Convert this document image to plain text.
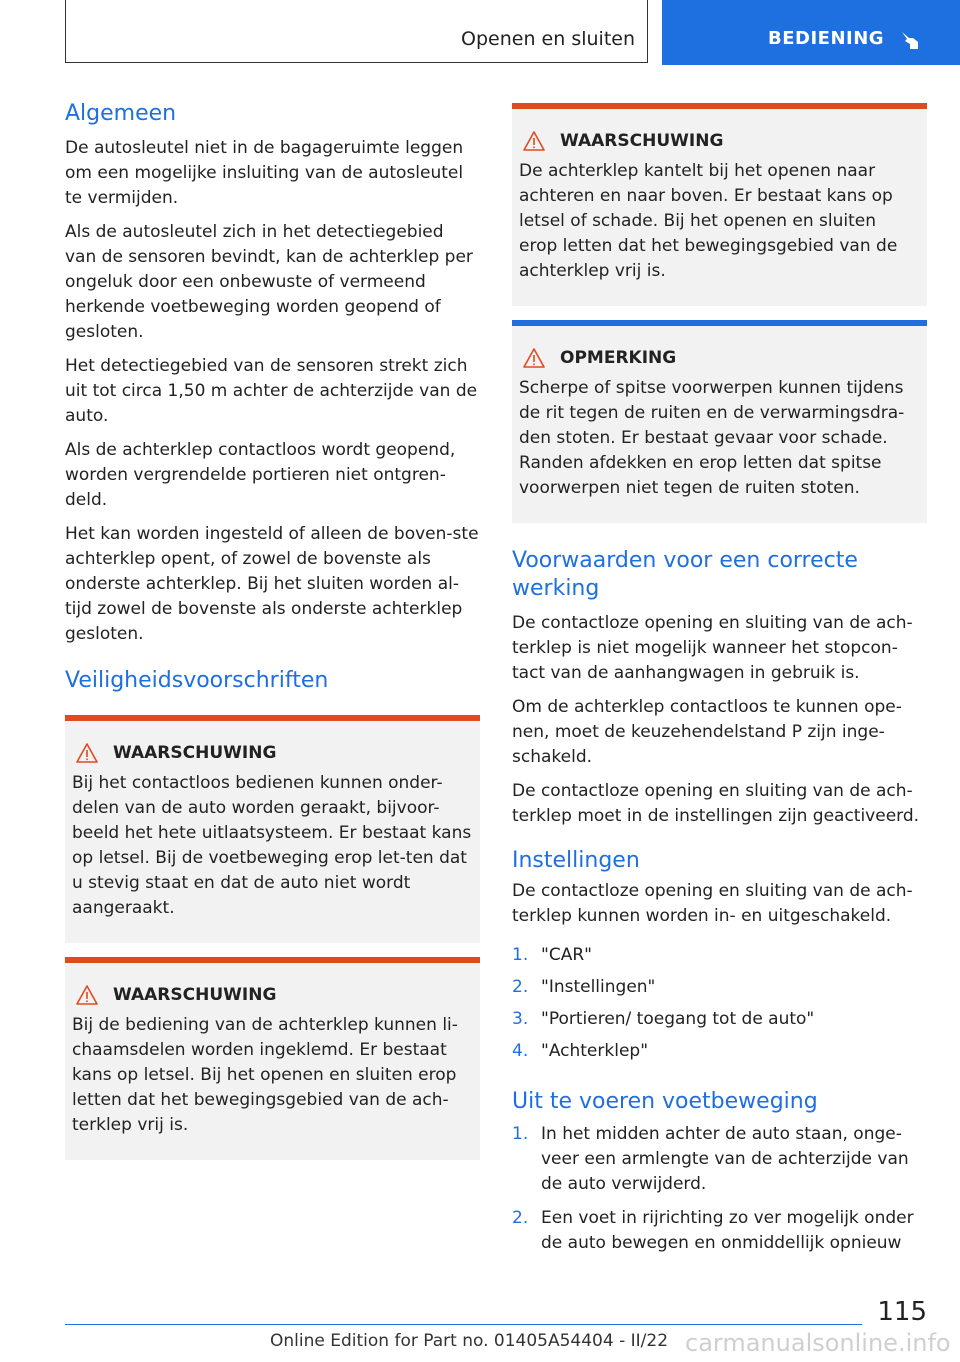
Openen en sluiten	BEDIENING
Algemeen

De autosleutel niet in de bagageruimte leggen om een mogelijke insluiting van de autosleutel te vermijden.

Als de autosleutel zich in het detectiegebied van de sensoren bevindt, kan de achterklep per ongeluk door een onbewuste of vermeend herkende voetbeweging worden geopend of gesloten.

Het detectiegebied van de sensoren strekt zich uit tot circa 1,50 m achter de achterzijde van de auto.

Als de achterklep contactloos wordt geopend, worden vergrendelde portieren niet ontgren-deld.

Het kan worden ingesteld of alleen de boven-ste achterklep opent, of zowel de bovenste als onderste achterklep. Bij het sluiten worden al-tijd zowel de bovenste als onderste achterklep gesloten.

Veiligheidsvoorschriften
WAARSCHUWING

Bij het contactloos bedienen kunnen onder-delen van de auto worden geraakt, bijvoor-beeld het hete uitlaatsysteem. Er bestaat kans op letsel. Bij de voetbeweging erop let-ten dat u stevig staat en dat de auto niet wordt aangeraakt.

WAARSCHUWING

Bij de bediening van de achterklep kunnen li-chaamsdelen worden ingeklemd. Er bestaat kans op letsel. Bij het openen en sluiten erop letten dat het bewegingsgebied van de ach-terklep vrij is.

WAARSCHUWING

De achterklep kantelt bij het openen naar achteren en naar boven. Er bestaat kans op letsel of schade. Bij het openen en sluiten erop letten dat het bewegingsgebied van de achterklep vrij is.

OPMERKING

Scherpe of spitse voorwerpen kunnen tijdens de rit tegen de ruiten en de verwarmingsdra-den stoten. Er bestaat gevaar voor schade. Randen afdekken en erop letten dat spitse voorwerpen niet tegen de ruiten stoten.

Voorwaarden voor een correcte werking

De contactloze opening en sluiting van de ach-terklep is niet mogelijk wanneer het stopcon-tact van de aanhangwagen in gebruik is.

Om de achterklep contactloos te kunnen ope-nen, moet de keuzehendelstand P zijn inge-schakeld.

De contactloze opening en sluiting van de ach-terklep moet in de instellingen zijn geactiveerd.

Instellingen

De contactloze opening en sluiting van de ach-terklep kunnen worden in- en uitgeschakeld.

1. "CAR"
2. "Instellingen"
3. "Portieren/ toegang tot de auto"
4. "Achterklep"
Uit te voeren voetbeweging
1. In het midden achter de auto staan, onge-veer een armlengte van de achterzijde van de auto verwijderd.
2. Een voet in rijrichting zo ver mogelijk onder de auto bewegen en onmiddellijk opnieuw
115
Online Edition for Part no. 01405A54404 - II/22 carmanualsonline.info
